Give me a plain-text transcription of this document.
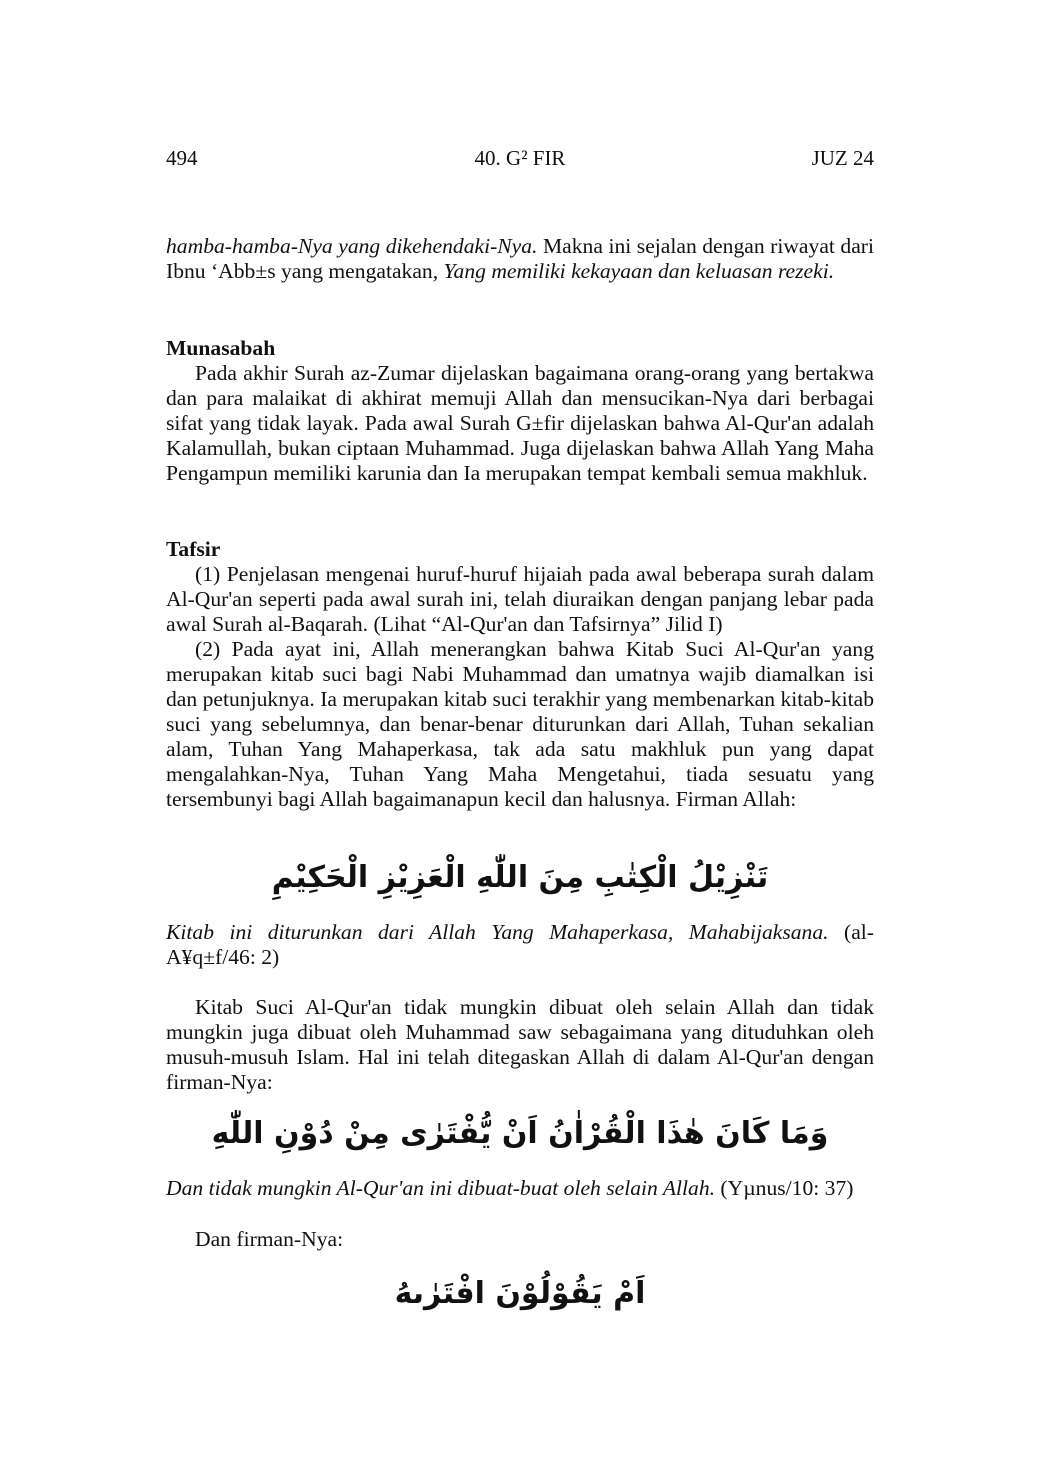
494	40. G² FIR	JUZ 24

hamba-hamba-Nya yang dikehendaki-Nya. Makna ini sejalan dengan riwayat dari Ibnu ‘Abb±s yang mengatakan, Yang memiliki kekayaan dan keluasan rezeki.

Munasabah

Pada akhir Surah az-Zumar dijelaskan bagaimana orang-orang yang bertakwa dan para malaikat di akhirat memuji Allah dan mensucikan-Nya dari berbagai sifat yang tidak layak. Pada awal Surah G±fir dijelaskan bahwa Al-Qur'an adalah Kalamullah, bukan ciptaan Muhammad. Juga dijelaskan bahwa Allah Yang Maha Pengampun memiliki karunia dan Ia merupakan tempat kembali semua makhluk.

Tafsir

(1) Penjelasan mengenai huruf-huruf hijaiah pada awal beberapa surah dalam Al-Qur'an seperti pada awal surah ini, telah diuraikan dengan panjang lebar pada awal Surah al-Baqarah. (Lihat “Al-Qur'an dan Tafsirnya” Jilid I)

(2) Pada ayat ini, Allah menerangkan bahwa Kitab Suci Al-Qur'an yang merupakan kitab suci bagi Nabi Muhammad dan umatnya wajib diamalkan isi dan petunjuknya. Ia merupakan kitab suci terakhir yang membenarkan kitab-kitab suci yang sebelumnya, dan benar-benar diturunkan dari Allah, Tuhan sekalian alam, Tuhan Yang Mahaperkasa, tak ada satu makhluk pun yang dapat mengalahkan-Nya, Tuhan Yang Maha Mengetahui, tiada sesuatu yang tersembunyi bagi Allah bagaimanapun kecil dan halusnya. Firman Allah:

تَنْزِيْلُ الْكِتٰبِ مِنَ اللّٰهِ الْعَزِيْزِ الْحَكِيْمِ

Kitab ini diturunkan dari Allah Yang Mahaperkasa, Mahabijaksana. (al-A¥q±f/46: 2)

Kitab Suci Al-Qur'an tidak mungkin dibuat oleh selain Allah dan tidak mungkin juga dibuat oleh Muhammad saw sebagaimana yang dituduhkan oleh musuh-musuh Islam. Hal ini telah ditegaskan Allah di dalam Al-Qur'an dengan firman-Nya:

وَمَا كَانَ هٰذَا الْقُرْاٰنُ اَنْ يُّفْتَرٰى مِنْ دُوْنِ اللّٰهِ

Dan tidak mungkin Al-Qur'an ini dibuat-buat oleh selain Allah. (Yµnus/10: 37)

Dan firman-Nya:

اَمْ يَقُوْلُوْنَ افْتَرٰىهُ
